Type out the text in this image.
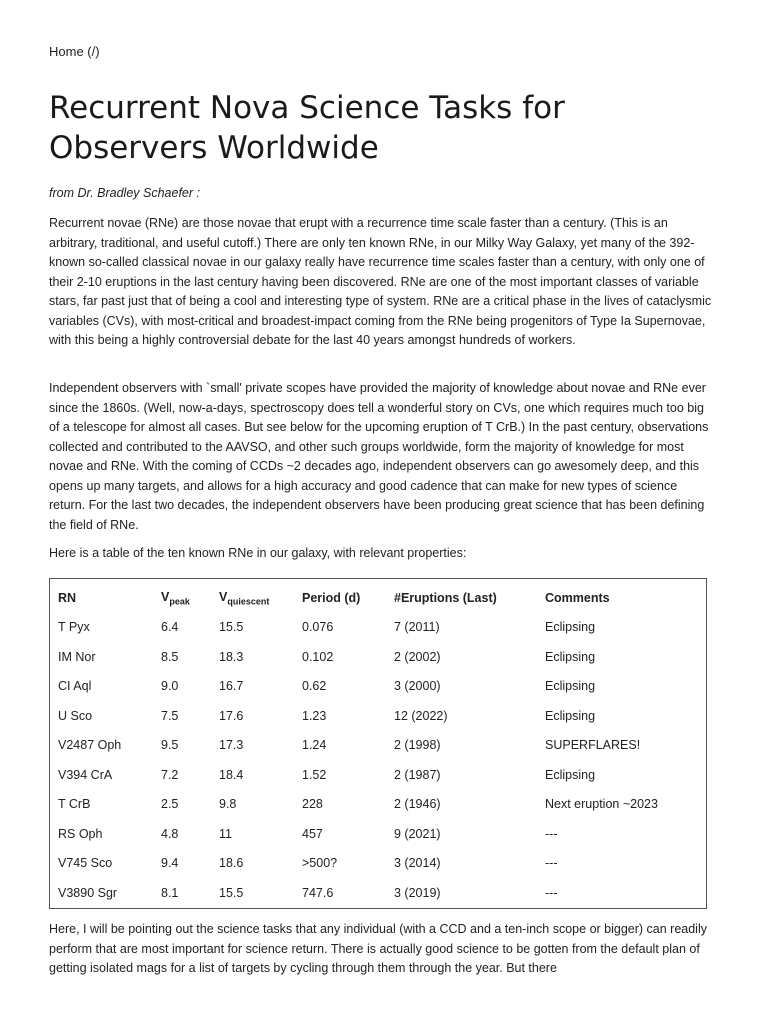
Home (/)
Recurrent Nova Science Tasks for Observers Worldwide

from Dr. Bradley Schaefer :

Recurrent novae (RNe) are those novae that erupt with a recurrence time scale faster than a century. (This is an arbitrary, traditional, and useful cutoff.) There are only ten known RNe, in our Milky Way Galaxy, yet many of the 392-known so-called classical novae in our galaxy really have recurrence time scales faster than a century, with only one of their 2-10 eruptions in the last century having been discovered. RNe are one of the most important classes of variable stars, far past just that of being a cool and interesting type of system. RNe are a critical phase in the lives of cataclysmic variables (CVs), with most-critical and broadest-impact coming from the RNe being progenitors of Type Ia Supernovae, with this being a highly controversial debate for the last 40 years amongst hundreds of workers.

Independent observers with `small' private scopes have provided the majority of knowledge about novae and RNe ever since the 1860s. (Well, now-a-days, spectroscopy does tell a wonderful story on CVs, one which requires much too big of a telescope for almost all cases. But see below for the upcoming eruption of T CrB.) In the past century, observations collected and contributed to the AAVSO, and other such groups worldwide, form the majority of knowledge for most novae and RNe. With the coming of CCDs ~2 decades ago, independent observers can go awesomely deep, and this opens up many targets, and allows for a high accuracy and good cadence that can make for new types of science return. For the last two decades, the independent observers have been producing great science that has been defining the field of RNe.

Here is a table of the ten known RNe in our galaxy, with relevant properties:

RN	$V_{peak}$	$V_{quiescent}$	Period (d)	#Eruptions (Last)	Comments
T Pyx	6.4	15.5	0.076	7 (2011)	Eclipsing
IM Nor	8.5	18.3	0.102	2 (2002)	Eclipsing
CI Aql	9.0	16.7	0.62	3 (2000)	Eclipsing
U Sco	7.5	17.6	1.23	12 (2022)	Eclipsing
V2487 Oph	9.5	17.3	1.24	2 (1998)	SUPERFLARES!
V394 CrA	7.2	18.4	1.52	2 (1987)	Eclipsing
T CrB	2.5	9.8	228	2 (1946)	Next eruption ~2023
RS Oph	4.8	11	457	9 (2021)	---
V745 Sco	9.4	18.6	>500?	3 (2014)	---
V3890 Sgr	8.1	15.5	747.6	3 (2019)	---

Here, I will be pointing out the science tasks that any individual (with a CCD and a ten-inch scope or bigger) can readily perform that are most important for science return. There is actually good science to be gotten from the default plan of getting isolated mags for a list of targets by cycling through them through the year. But there
